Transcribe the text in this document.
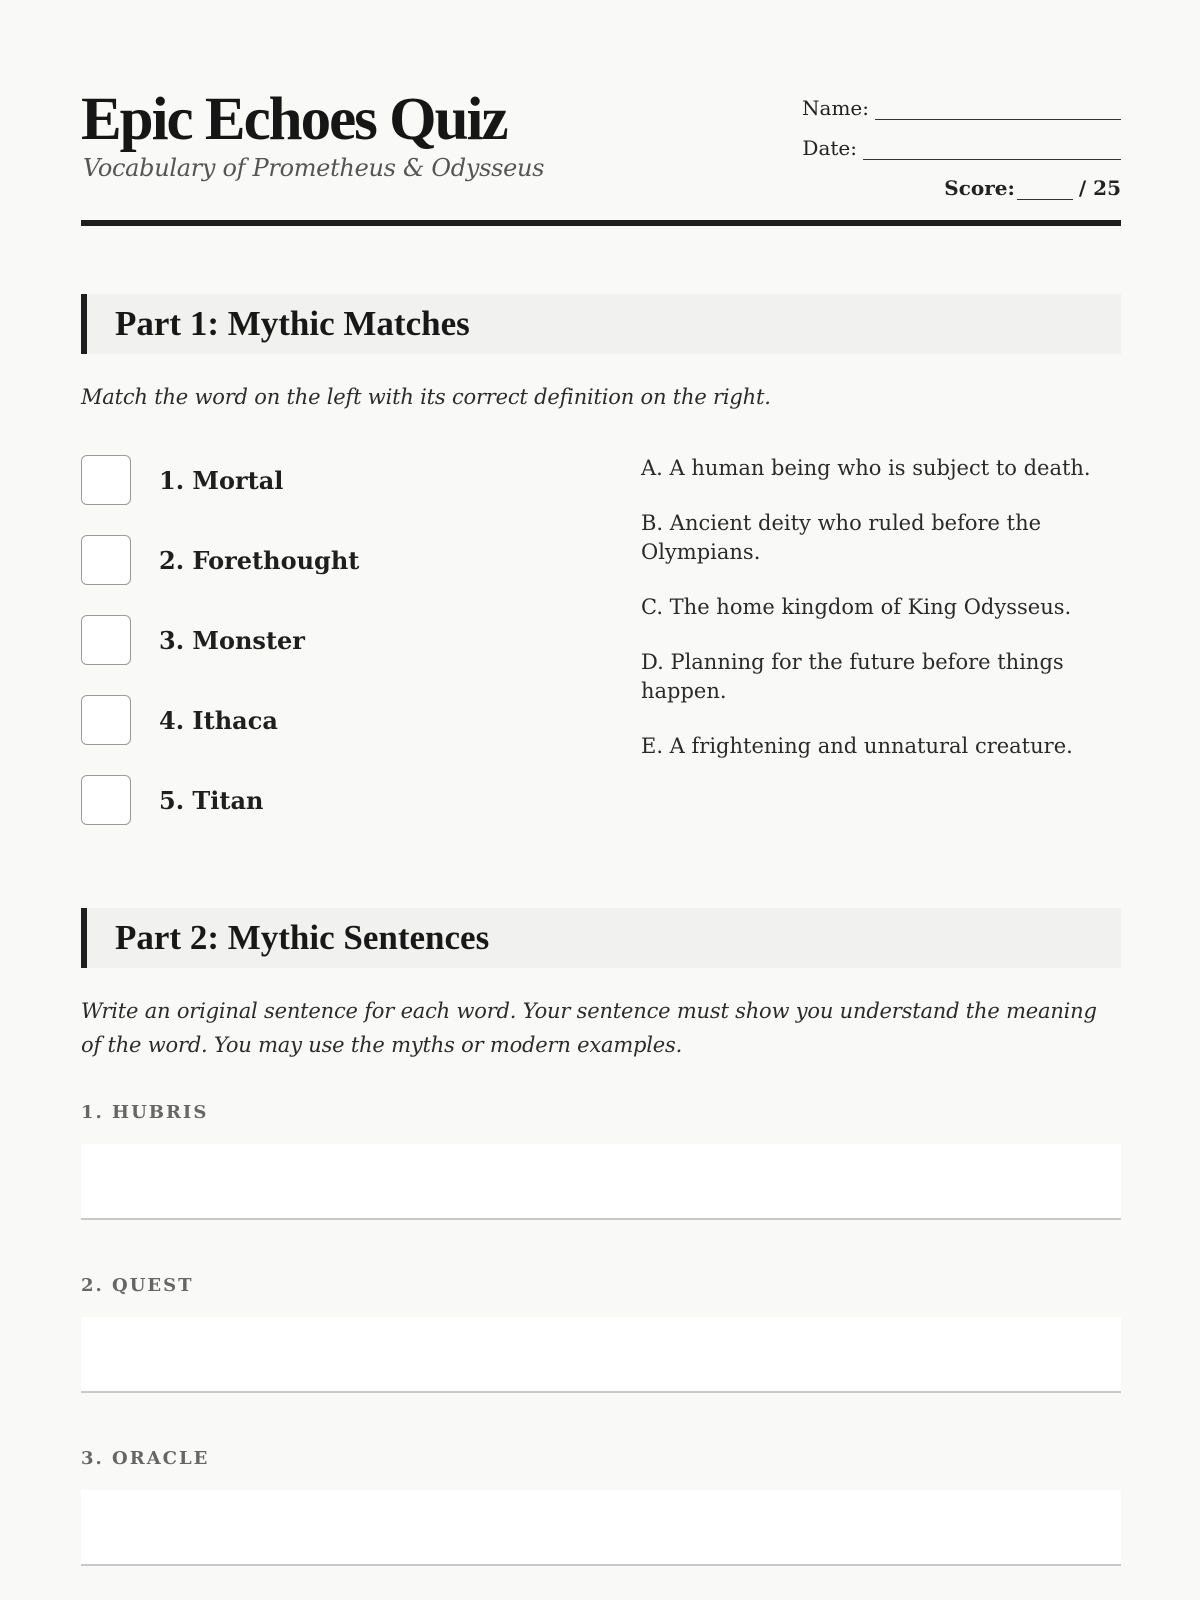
Epic Echoes Quiz
Vocabulary of Prometheus & Odysseus
Name:
Date:
Score:	/ 25
Part 1: Mythic Matches
Match the word on the left with its correct definition on the right.
1. Mortal
2. Forethought
3. Monster
4. Ithaca
5. Titan
A. A human being who is subject to death.
B. Ancient deity who ruled before the Olympians.
C. The home kingdom of King Odysseus.
D. Planning for the future before things happen.
E. A frightening and unnatural creature.
Part 2: Mythic Sentences
Write an original sentence for each word. Your sentence must show you understand the meaning of the word. You may use the myths or modern examples.
1. HUBRIS
2. QUEST
3. ORACLE
